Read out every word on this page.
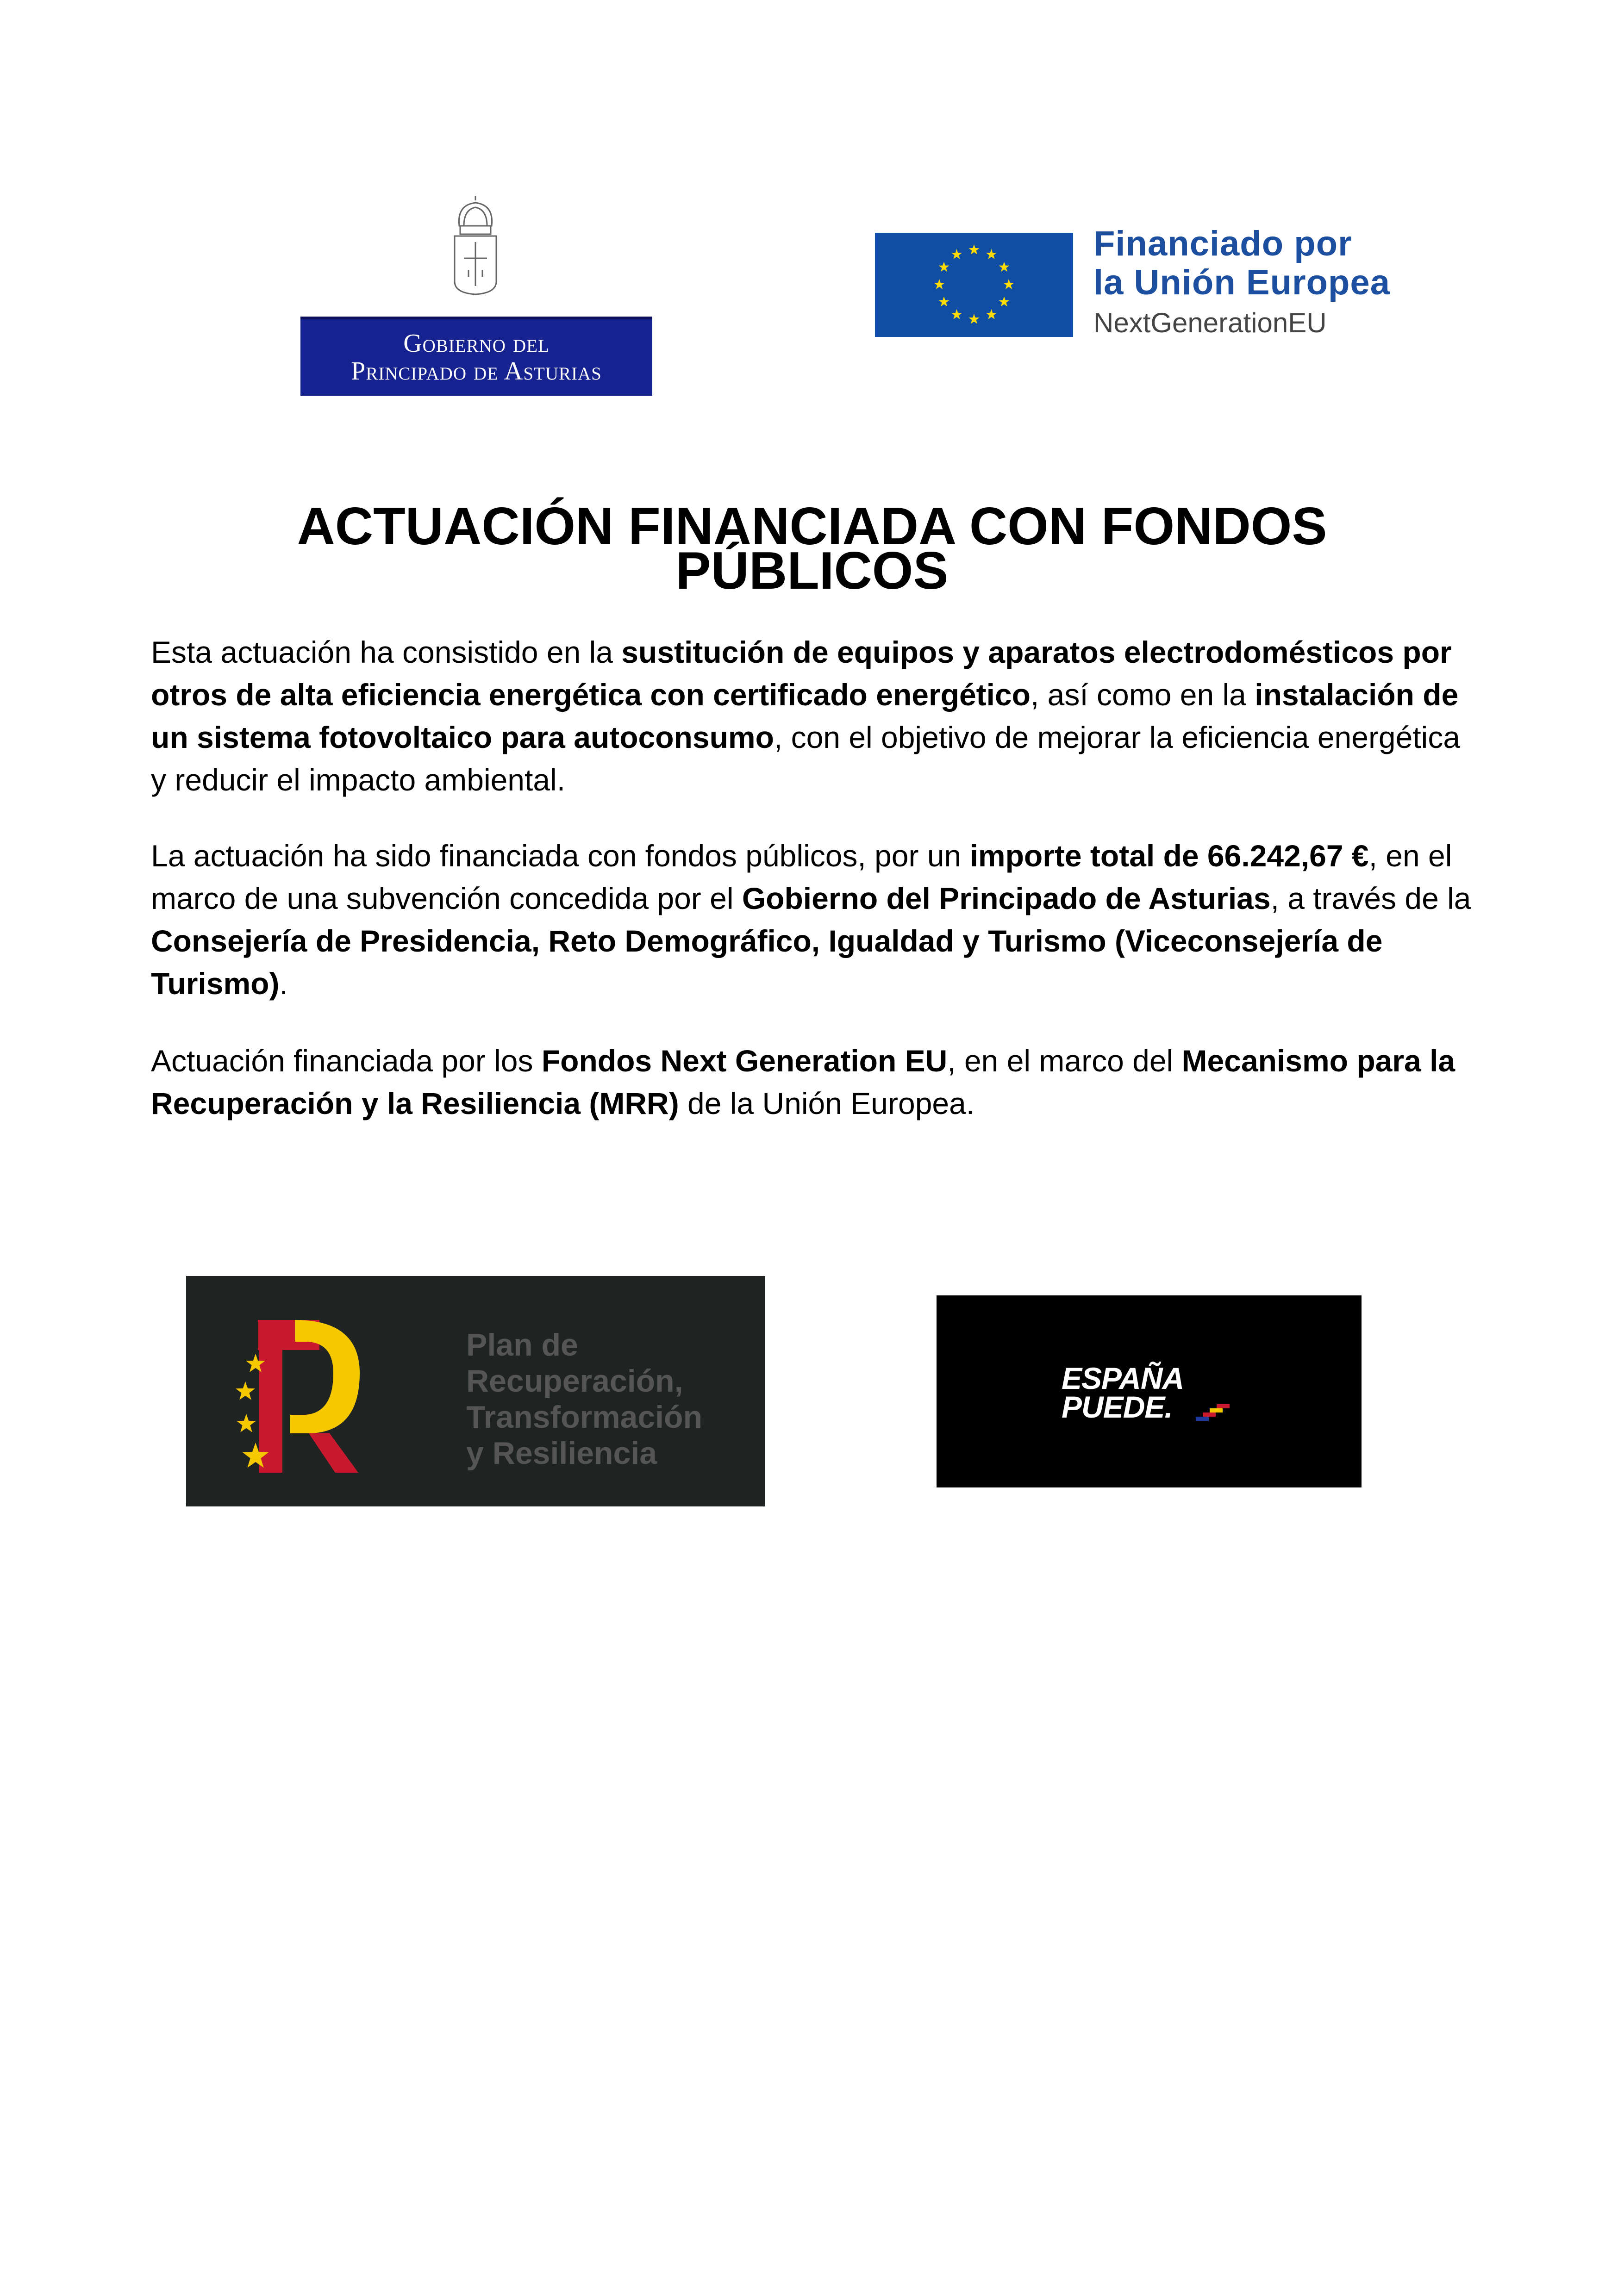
Gobierno del
Principado de Asturias
Financiado por
la Unión Europea
NextGenerationEU
ACTUACIÓN FINANCIADA CON FONDOS
PÚBLICOS
Esta actuación ha consistido en la sustitución de equipos y aparatos electrodomésticos por otros de alta eficiencia energética con certificado energético, así como en la instalación de un sistema fotovoltaico para autoconsumo, con el objetivo de mejorar la eficiencia energética y reducir el impacto ambiental.
La actuación ha sido financiada con fondos públicos, por un importe total de 66.242,67 €, en el marco de una subvención concedida por el Gobierno del Principado de Asturias, a través de la Consejería de Presidencia, Reto Demográfico, Igualdad y Turismo (Viceconsejería de Turismo).
Actuación financiada por los Fondos Next Generation EU, en el marco del Mecanismo para la Recuperación y la Resiliencia (MRR) de la Unión Europea.
Plan de
Recuperación,
Transformación
y Resiliencia
ESPAÑA
PUEDE.
